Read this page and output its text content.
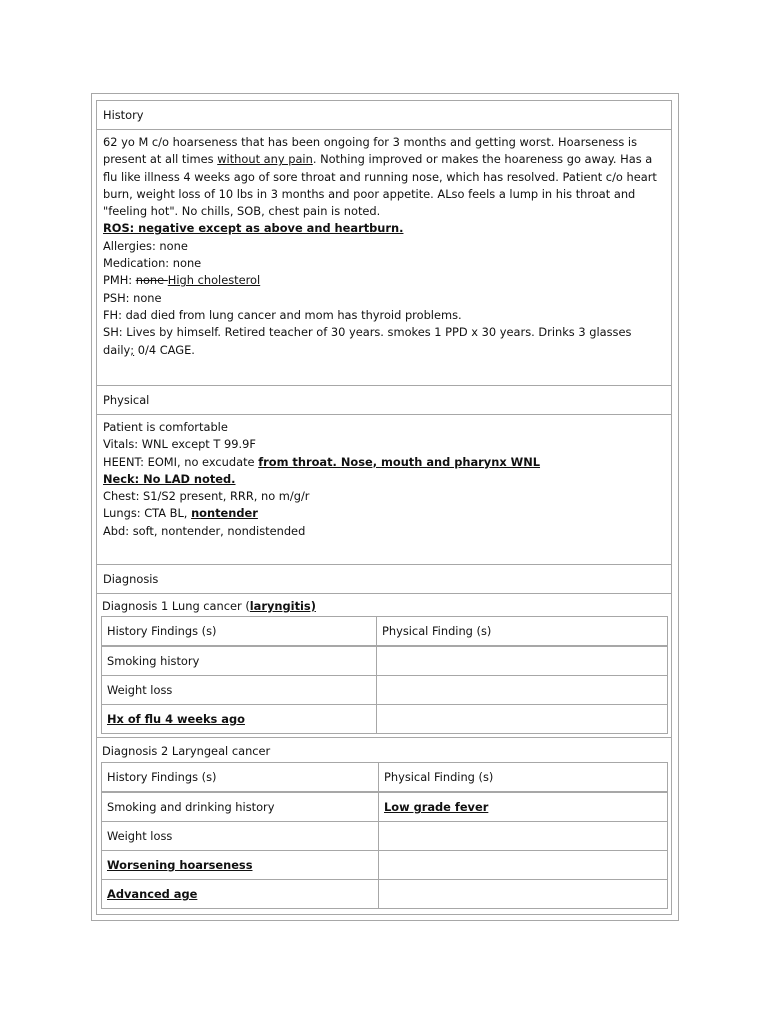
History
62 yo M c/o hoarseness that has been ongoing for 3 months and getting worst. Hoarseness is present at all times without any pain. Nothing improved or makes the hoareness go away. Has a flu like illness 4 weeks ago of sore throat and running nose, which has resolved. Patient c/o heart burn, weight loss of 10 lbs in 3 months and poor appetite. ALso feels a lump in his throat and "feeling hot". No chills, SOB, chest pain is noted.
ROS: negative except as above and heartburn.
Allergies: none
Medication: none
PMH: none High cholesterol
PSH: none
FH: dad died from lung cancer and mom has thyroid problems.
SH: Lives by himself. Retired teacher of 30 years. smokes 1 PPD x 30 years. Drinks 3 glasses daily; 0/4 CAGE.
Physical
Patient is comfortable
Vitals: WNL except T 99.9F
HEENT: EOMI, no excudate from throat. Nose, mouth and pharynx WNL
Neck: No LAD noted.
Chest: S1/S2 present, RRR, no m/g/r
Lungs: CTA BL, nontender
Abd: soft, nontender, nondistended
Diagnosis
Diagnosis 1 Lung cancer (laryngitis)
History Findings (s)	Physical Finding (s)
Smoking history	
Weight loss	
Hx of flu 4 weeks ago	
Diagnosis 2 Laryngeal cancer
History Findings (s)	Physical Finding (s)
Smoking and drinking history	Low grade fever
Weight loss	
Worsening hoarseness	
Advanced age	
